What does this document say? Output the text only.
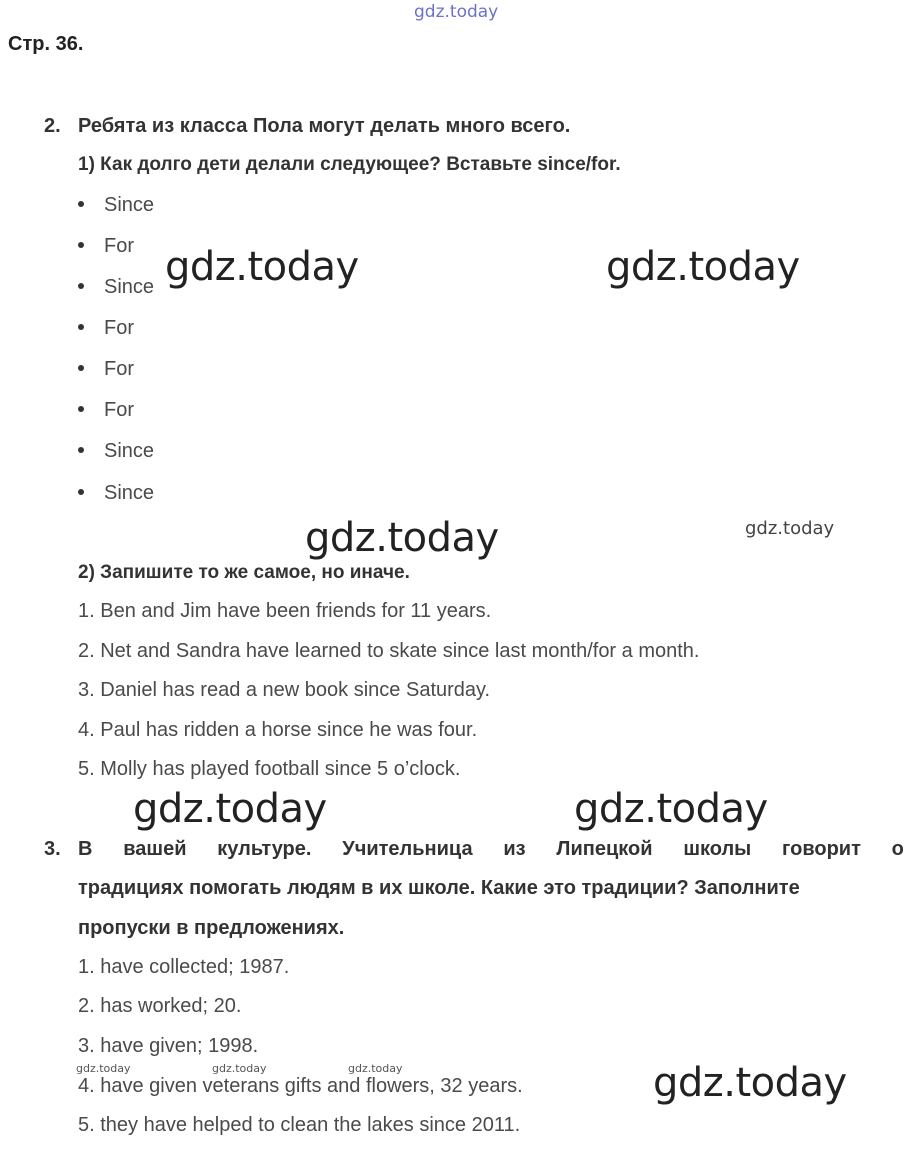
gdz.today
Стр. 36.
2. Ребята из класса Пола могут делать много всего.
1) Как долго дети делали следующее? Вставьте since/for.
Since
For
Since
For
For
For
Since
Since
2) Запишите то же самое, но иначе.
1. Ben and Jim have been friends for 11 years.
2. Net and Sandra have learned to skate since last month/for a month.
3. Daniel has read a new book since Saturday.
4. Paul has ridden a horse since he was four.
5. Molly has played football since 5 o’clock.
3. В вашей культуре. Учительница из Липецкой школы говорит о
традициях помогать людям в их школе. Какие это традиции? Заполните
пропуски в предложениях.
1. have collected; 1987.
2. has worked; 20.
3. have given; 1998.
4. have given veterans gifts and flowers, 32 years.
5. they have helped to clean the lakes since 2011.
gdz.today	gdz.today
gdz.today	gdz.today
gdz.today	gdz.today
gdz.today	gdz.today	gdz.today	gdz.today
